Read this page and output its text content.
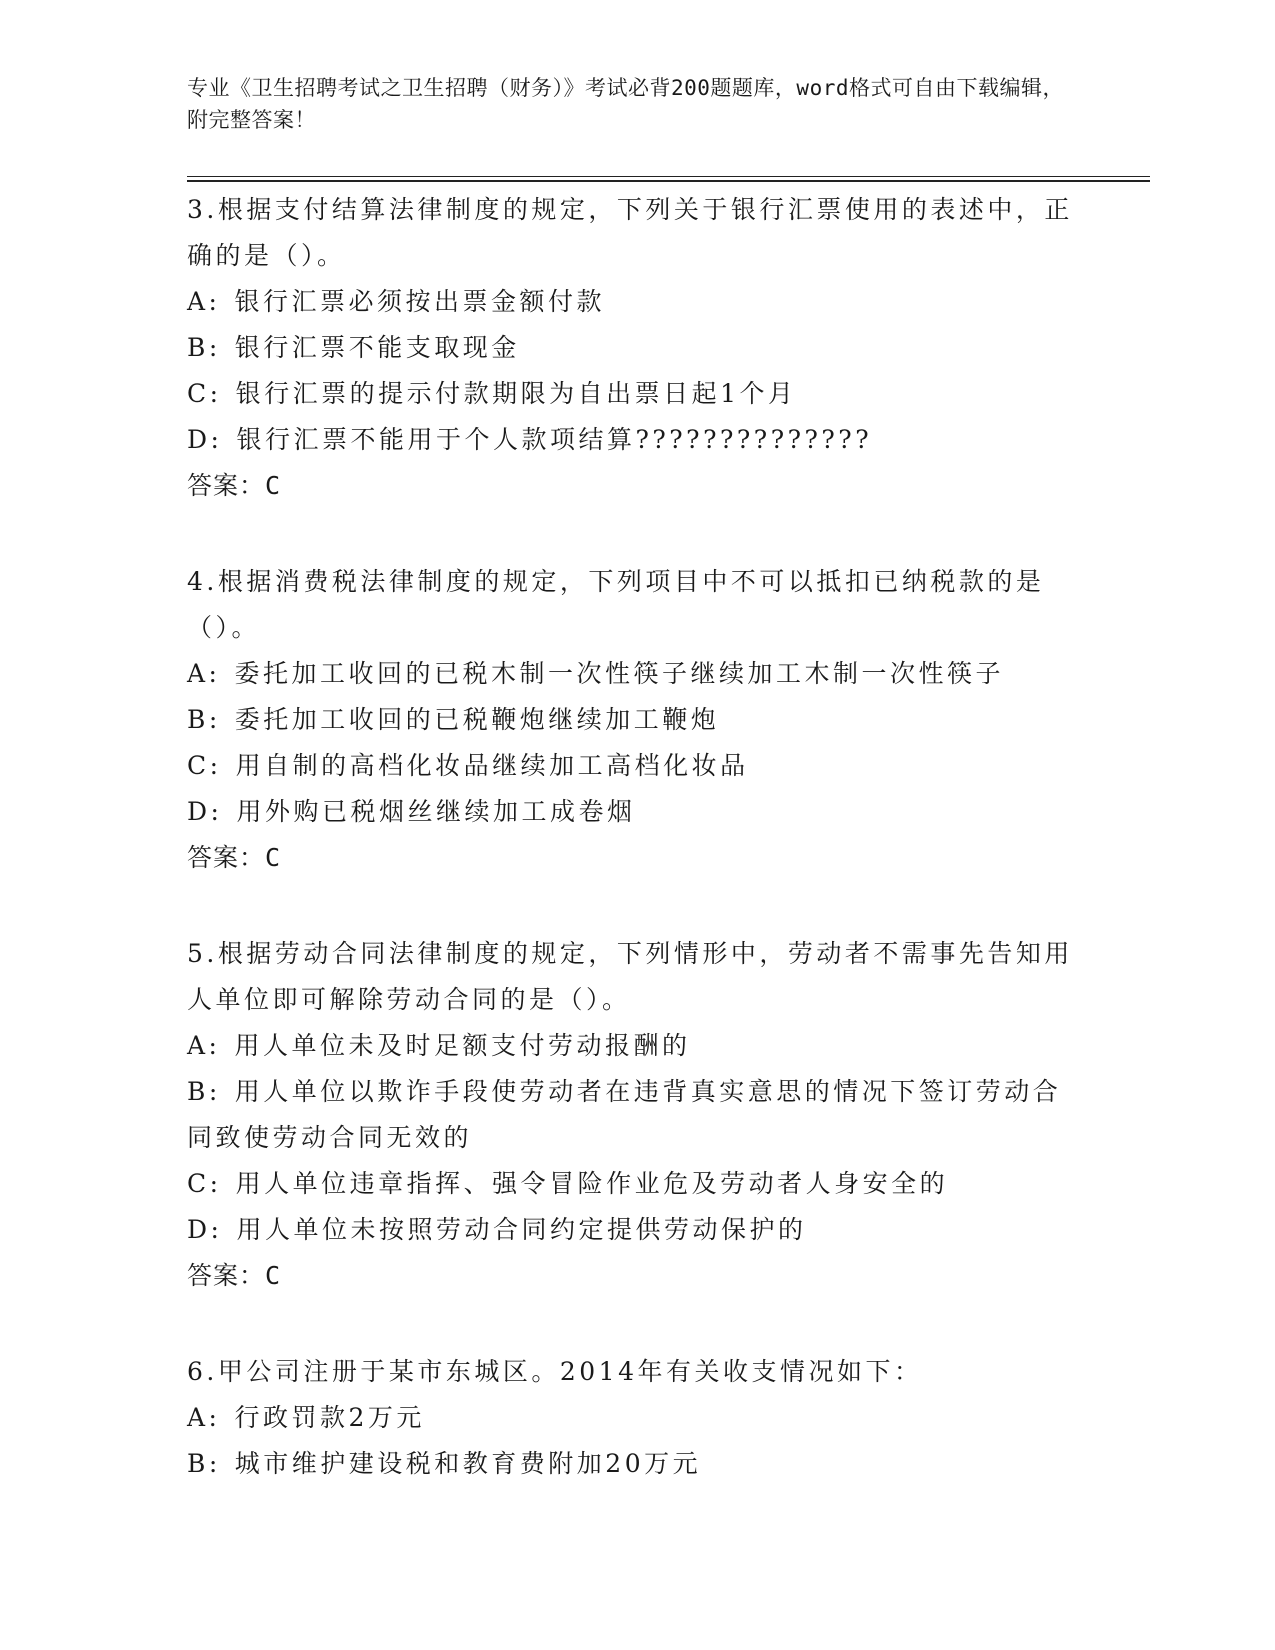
专业《卫生招聘考试之卫生招聘（财务）》考试必背200题题库，word格式可自由下载编辑，附完整答案！

3.根据支付结算法律制度的规定，下列关于银行汇票使用的表述中，正确的是（）。

A: 银行汇票必须按出票金额付款

B: 银行汇票不能支取现金

C: 银行汇票的提示付款期限为自出票日起1个月

D: 银行汇票不能用于个人款项结算??????????????

答案：C

4.根据消费税法律制度的规定，下列项目中不可以抵扣已纳税款的是（）。

A: 委托加工收回的已税木制一次性筷子继续加工木制一次性筷子

B: 委托加工收回的已税鞭炮继续加工鞭炮

C: 用自制的高档化妆品继续加工高档化妆品

D: 用外购已税烟丝继续加工成卷烟

答案：C

5.根据劳动合同法律制度的规定，下列情形中，劳动者不需事先告知用人单位即可解除劳动合同的是（）。

A: 用人单位未及时足额支付劳动报酬的

B: 用人单位以欺诈手段使劳动者在违背真实意思的情况下签订劳动合同致使劳动合同无效的

C: 用人单位违章指挥、强令冒险作业危及劳动者人身安全的

D: 用人单位未按照劳动合同约定提供劳动保护的

答案：C

6.甲公司注册于某市东城区。2014年有关收支情况如下：

A: 行政罚款2万元

B: 城市维护建设税和教育费附加20万元
